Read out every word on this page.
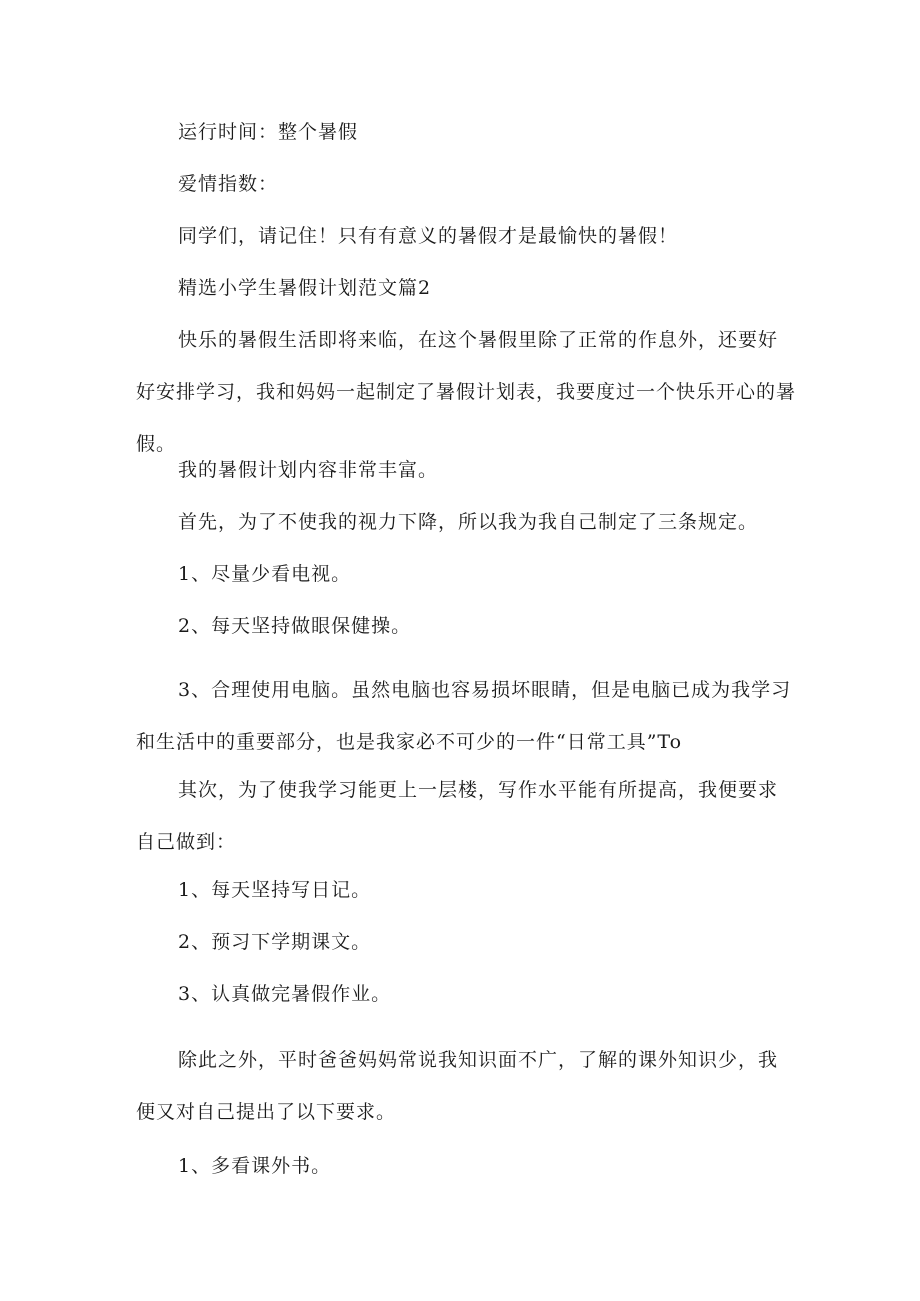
运行时间：整个暑假

爱情指数：

同学们，请记住！只有有意义的暑假才是最愉快的暑假！

精选小学生暑假计划范文篇2

快乐的暑假生活即将来临，在这个暑假里除了正常的作息外，还要好好安排学习，我和妈妈一起制定了暑假计划表，我要度过一个快乐开心的暑假。

我的暑假计划内容非常丰富。

首先，为了不使我的视力下降，所以我为我自己制定了三条规定。

1、尽量少看电视。

2、每天坚持做眼保健操。

3、合理使用电脑。虽然电脑也容易损坏眼睛，但是电脑已成为我学习和生活中的重要部分，也是我家必不可少的一件“日常工具”To

其次，为了使我学习能更上一层楼，写作水平能有所提高，我便要求自己做到：

1、每天坚持写日记。

2、预习下学期课文。

3、认真做完暑假作业。

除此之外，平时爸爸妈妈常说我知识面不广，了解的课外知识少，我便又对自己提出了以下要求。

1、多看课外书。
